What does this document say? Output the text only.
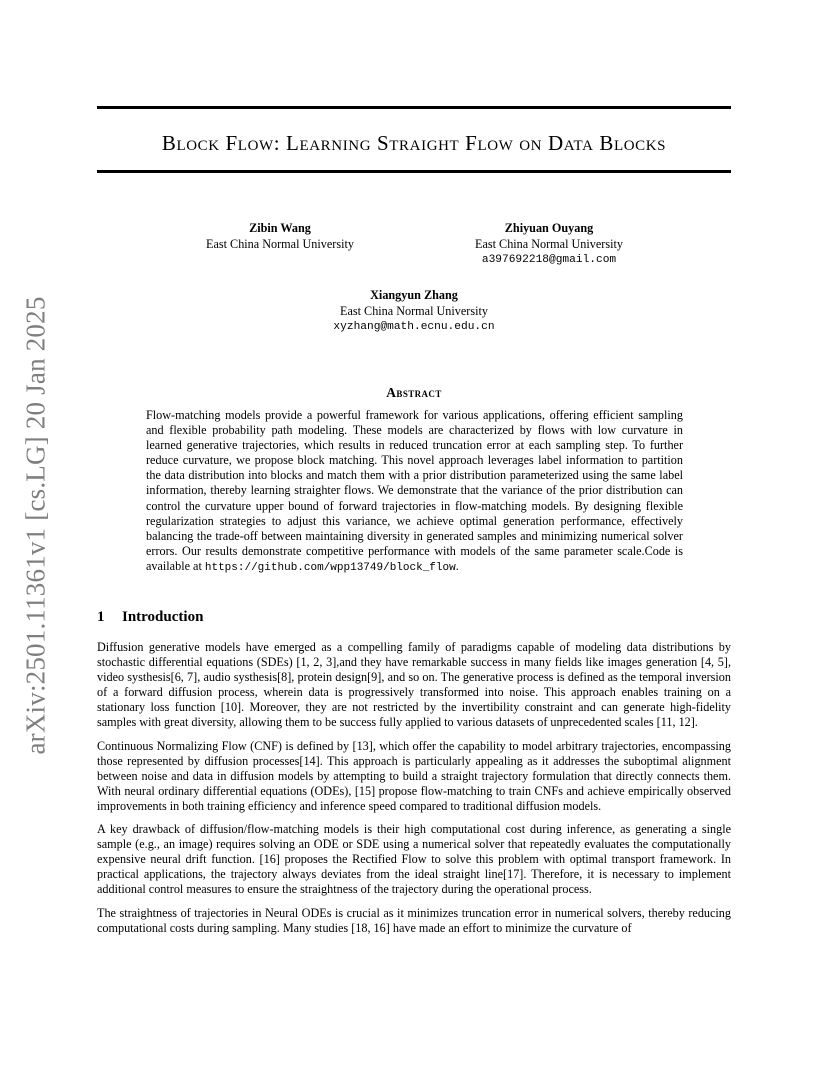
arXiv:2501.11361v1 [cs.LG] 20 Jan 2025
Block Flow: Learning Straight Flow on Data Blocks
Zibin Wang
East China Normal University
Zhiyuan Ouyang
East China Normal University
a397692218@gmail.com
Xiangyun Zhang
East China Normal University
xyzhang@math.ecnu.edu.cn
Abstract
Flow-matching models provide a powerful framework for various applications, offering efficient sampling and flexible probability path modeling. These models are characterized by flows with low curvature in learned generative trajectories, which results in reduced truncation error at each sampling step. To further reduce curvature, we propose block matching. This novel approach leverages label information to partition the data distribution into blocks and match them with a prior distribution parameterized using the same label information, thereby learning straighter flows. We demonstrate that the variance of the prior distribution can control the curvature upper bound of forward trajectories in flow-matching models. By designing flexible regularization strategies to adjust this variance, we achieve optimal generation performance, effectively balancing the trade-off between maintaining diversity in generated samples and minimizing numerical solver errors. Our results demonstrate competitive performance with models of the same parameter scale.Code is available at https://github.com/wpp13749/block_flow.
1 Introduction

Diffusion generative models have emerged as a compelling family of paradigms capable of modeling data distributions by stochastic differential equations (SDEs) [1, 2, 3],and they have remarkable success in many fields like images generation [4, 5], video systhesis[6, 7], audio systhesis[8], protein design[9], and so on. The generative process is defined as the temporal inversion of a forward diffusion process, wherein data is progressively transformed into noise. This approach enables training on a stationary loss function [10]. Moreover, they are not restricted by the invertibility constraint and can generate high-fidelity samples with great diversity, allowing them to be success fully applied to various datasets of unprecedented scales [11, 12].

Continuous Normalizing Flow (CNF) is defined by [13], which offer the capability to model arbitrary trajectories, encompassing those represented by diffusion processes[14]. This approach is particularly appealing as it addresses the suboptimal alignment between noise and data in diffusion models by attempting to build a straight trajectory formulation that directly connects them. With neural ordinary differential equations (ODEs), [15] propose flow-matching to train CNFs and achieve empirically observed improvements in both training efficiency and inference speed compared to traditional diffusion models.

A key drawback of diffusion/flow-matching models is their high computational cost during inference, as generating a single sample (e.g., an image) requires solving an ODE or SDE using a numerical solver that repeatedly evaluates the computationally expensive neural drift function. [16] proposes the Rectified Flow to solve this problem with optimal transport framework. In practical applications, the trajectory always deviates from the ideal straight line[17]. Therefore, it is necessary to implement additional control measures to ensure the straightness of the trajectory during the operational process.

The straightness of trajectories in Neural ODEs is crucial as it minimizes truncation error in numerical solvers, thereby reducing computational costs during sampling. Many studies [18, 16] have made an effort to minimize the curvature of
